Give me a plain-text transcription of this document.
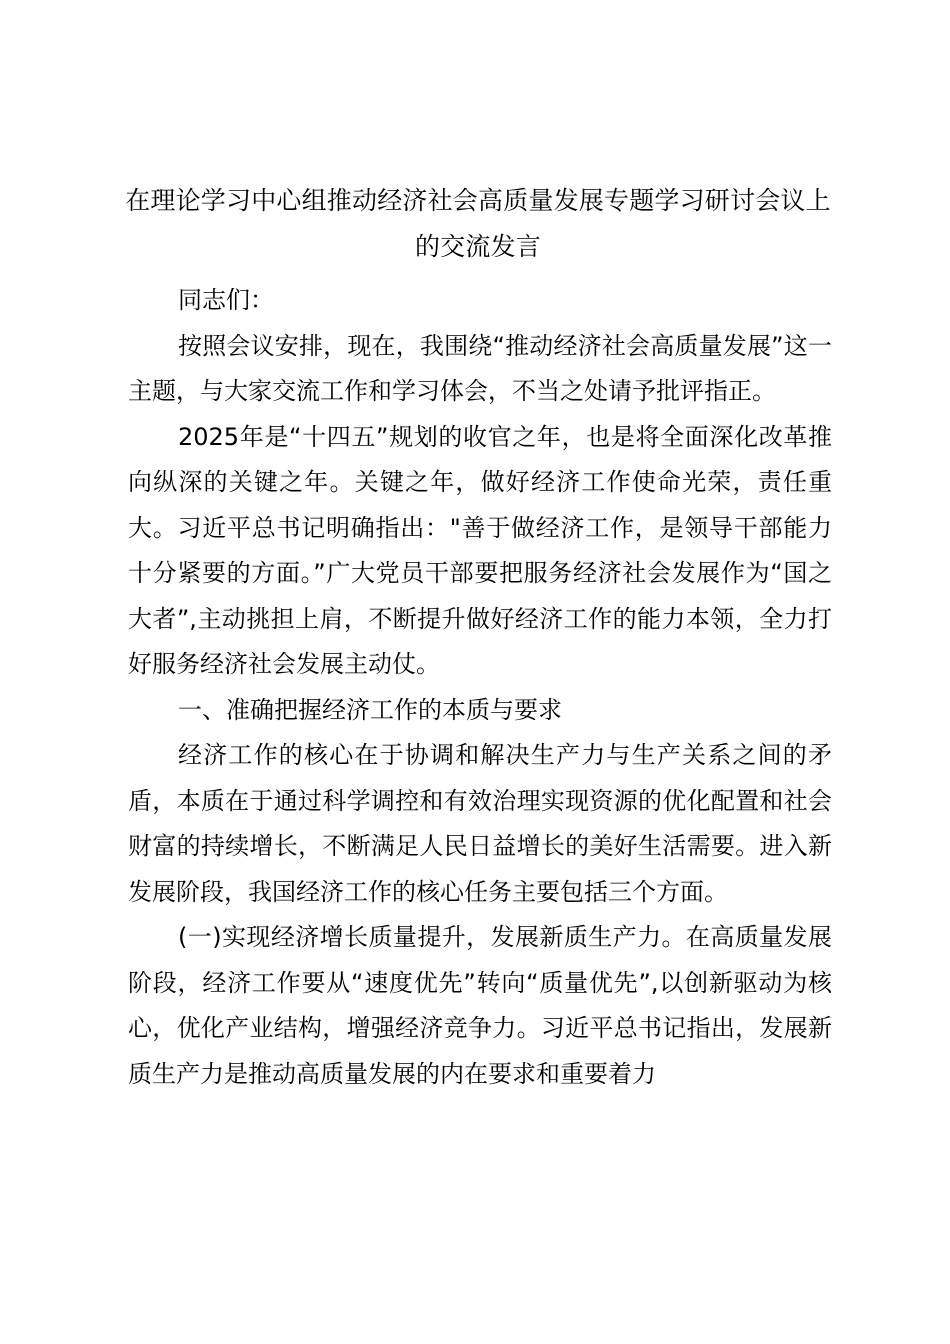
在理论学习中心组推动经济社会高质量发展专题学习研讨会议上的交流发言

同志们：

按照会议安排，现在，我围绕“推动经济社会高质量发展”这一主题，与大家交流工作和学习体会，不当之处请予批评指正。

2025年是“十四五”规划的收官之年，也是将全面深化改革推向纵深的关键之年。关键之年，做好经济工作使命光荣，责任重大。习近平总书记明确指出："善于做经济工作，是领导干部能力十分紧要的方面。”广大党员干部要把服务经济社会发展作为“国之大者”,主动挑担上肩，不断提升做好经济工作的能力本领，全力打好服务经济社会发展主动仗。

一、准确把握经济工作的本质与要求

经济工作的核心在于协调和解决生产力与生产关系之间的矛盾，本质在于通过科学调控和有效治理实现资源的优化配置和社会财富的持续增长，不断满足人民日益增长的美好生活需要。进入新发展阶段，我国经济工作的核心任务主要包括三个方面。

(一)实现经济增长质量提升，发展新质生产力。在高质量发展阶段，经济工作要从“速度优先”转向“质量优先”,以创新驱动为核心，优化产业结构，增强经济竞争力。习近平总书记指出，发展新质生产力是推动高质量发展的内在要求和重要着力
